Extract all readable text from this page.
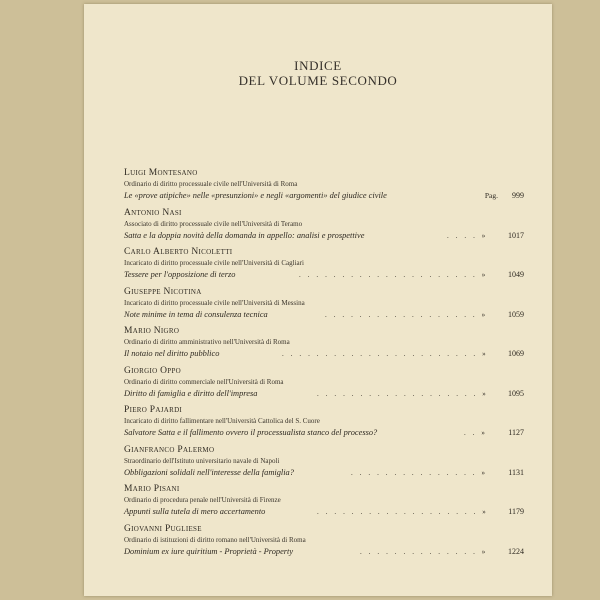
INDICE
DEL VOLUME SECONDO
Luigi Montesano
Ordinario di diritto processuale civile nell'Università di Roma
Le «prove atipiche» nelle «presunzioni» e negli «argomenti» del giudice civile	Pag.	999
Antonio Nasi
Associato di diritto processuale civile nell'Università di Teramo
Satta e la doppia novità della domanda in appello: analisi e prospettive	. . . . »	1017
Carlo Alberto Nicoletti
Incaricato di diritto processuale civile nell'Università di Cagliari
Tessere per l'opposizione di terzo	. . . . . . . . . . . . . . . . . . . . . »	1049
Giuseppe Nicotina
Incaricato di diritto processuale civile nell'Università di Messina
Note minime in tema di consulenza tecnica	. . . . . . . . . . . . . . . . . . »	1059
Mario Nigro
Ordinario di diritto amministrativo nell'Università di Roma
Il notaio nel diritto pubblico	. . . . . . . . . . . . . . . . . . . . . . . »	1069
Giorgio Oppo
Ordinario di diritto commerciale nell'Università di Roma
Diritto di famiglia e diritto dell'impresa	. . . . . . . . . . . . . . . . . . . »	1095
Piero Pajardi
Incaricato di diritto fallimentare nell'Università Cattolica del S. Cuore
Salvatore Satta e il fallimento ovvero il processualista stanco del processo?	. . »	1127
Gianfranco Palermo
Straordinario dell'Istituto universitario navale di Napoli
Obbligazioni solidali nell'interesse della famiglia?	. . . . . . . . . . . . . . . »	1131
Mario Pisani
Ordinario di procedura penale nell'Università di Firenze
Appunti sulla tutela di mero accertamento	. . . . . . . . . . . . . . . . . . . »	1179
Giovanni Pugliese
Ordinario di istituzioni di diritto romano nell'Università di Roma
Dominium ex iure quiritium - Proprietà - Property	. . . . . . . . . . . . . . »	1224
